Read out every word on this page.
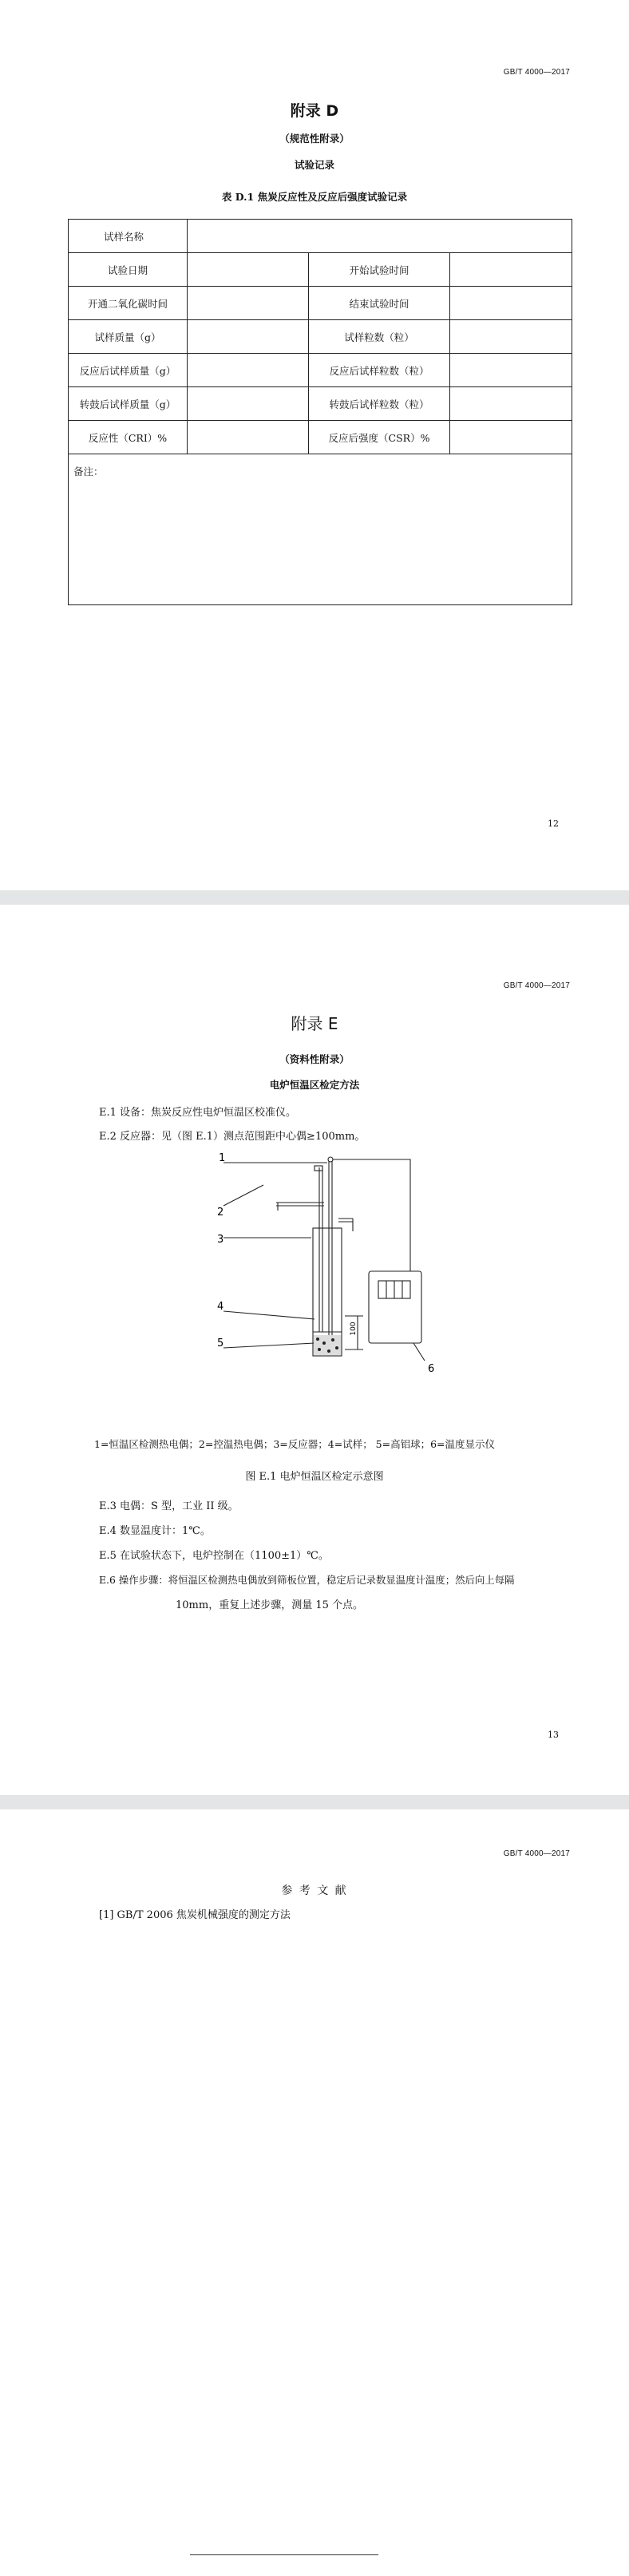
GB/T 4000—2017
附录 D
（规范性附录）
试验记录
表 D.1 焦炭反应性及反应后强度试验记录
试样名称			
试验日期		开始试验时间	
开通二氧化碳时间		结束试验时间	
试样质量（g）		试样粒数（粒）	
反应后试样质量（g）		反应后试样粒数（粒）	
转鼓后试样质量（g）		转鼓后试样粒数（粒）	
反应性（CRI）%		反应后强度（CSR）%	
备注：			
12
GB/T 4000—2017
附录 E
（资料性附录）
电炉恒温区检定方法
E.1 设备：焦炭反应性电炉恒温区校准仪。
E.2 反应器：见（图 E.1）测点范围距中心偶≥100mm。
1
2
3
4
5
6
100
1=恒温区检测热电偶；2=控温热电偶；3=反应器；4=试样； 5=高铝球；6=温度显示仪
图 E.1 电炉恒温区检定示意图
E.3 电偶：S 型，工业 II 级。
E.4 数显温度计：1℃。
E.5 在试验状态下，电炉控制在（1100±1）℃。
E.6 操作步骤：将恒温区检测热电偶放到筛板位置，稳定后记录数显温度计温度；然后向上每隔
10mm，重复上述步骤，测量 15 个点。
13
GB/T 4000—2017
参 考 文 献
[1] GB/T 2006 焦炭机械强度的测定方法
